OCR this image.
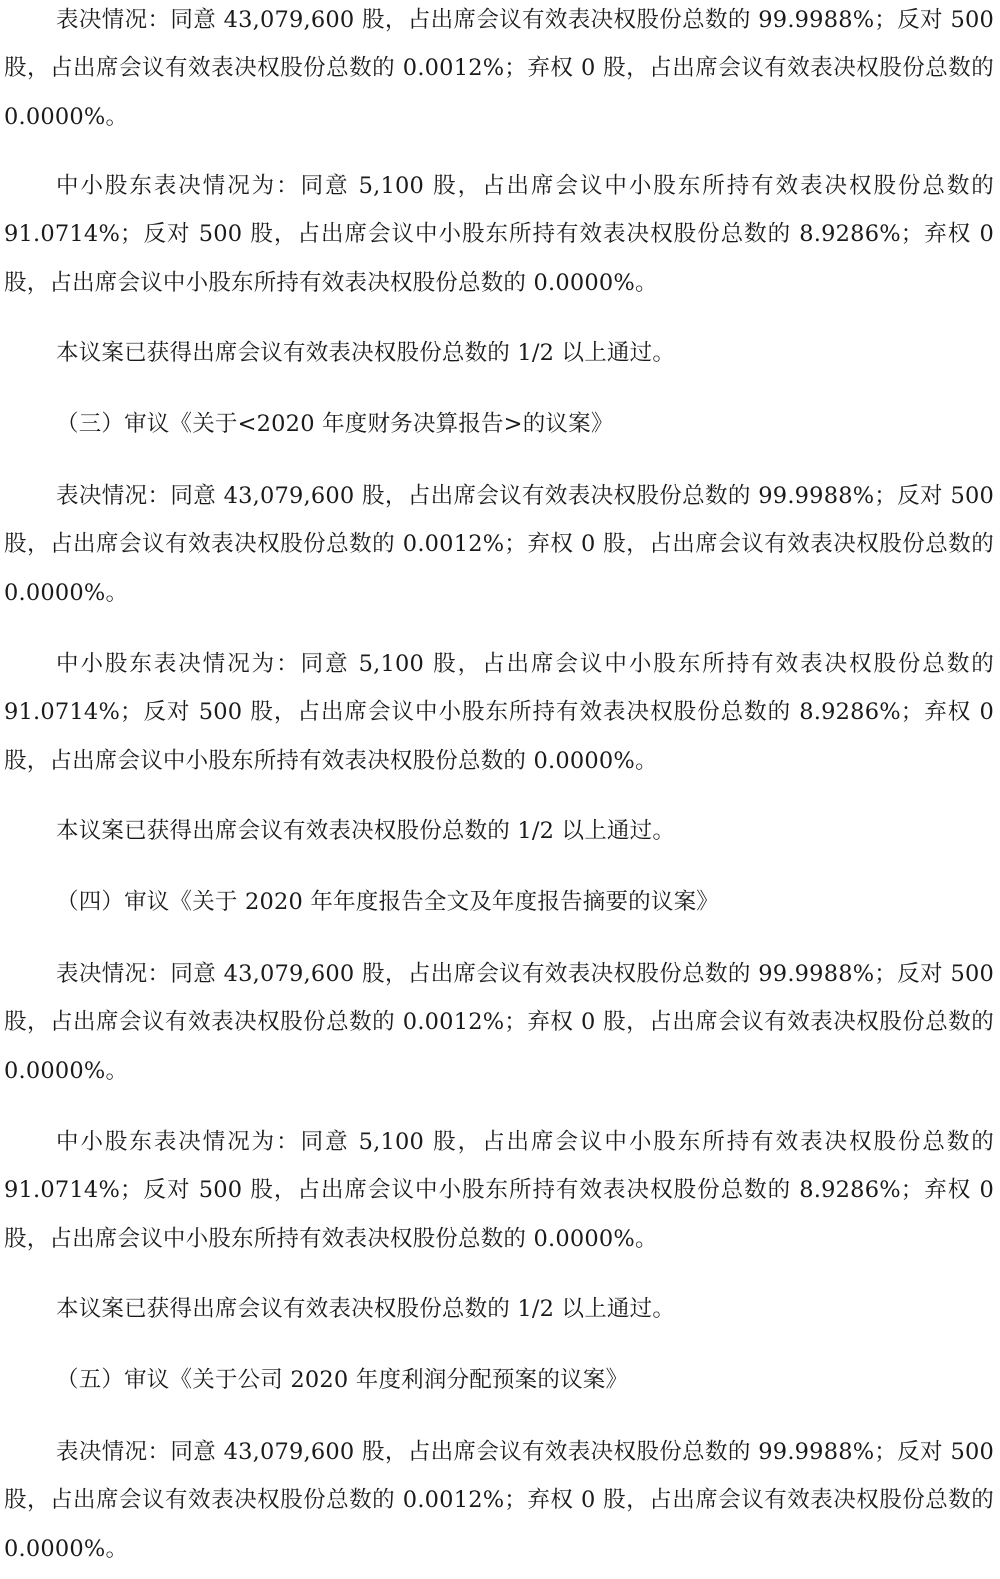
表决情况：同意 43,079,600 股，占出席会议有效表决权股份总数的 99.9988%；反对 500 股，占出席会议有效表决权股份总数的 0.0012%；弃权 0 股，占出席会议有效表决权股份总数的 0.0000%。

中小股东表决情况为：同意 5,100 股，占出席会议中小股东所持有效表决权股份总数的 91.0714%；反对 500 股，占出席会议中小股东所持有效表决权股份总数的 8.9286%；弃权 0 股，占出席会议中小股东所持有效表决权股份总数的 0.0000%。

本议案已获得出席会议有效表决权股份总数的 1/2 以上通过。

（三）审议《关于<2020 年度财务决算报告>的议案》

表决情况：同意 43,079,600 股，占出席会议有效表决权股份总数的 99.9988%；反对 500 股，占出席会议有效表决权股份总数的 0.0012%；弃权 0 股，占出席会议有效表决权股份总数的 0.0000%。

中小股东表决情况为：同意 5,100 股，占出席会议中小股东所持有效表决权股份总数的 91.0714%；反对 500 股，占出席会议中小股东所持有效表决权股份总数的 8.9286%；弃权 0 股，占出席会议中小股东所持有效表决权股份总数的 0.0000%。

本议案已获得出席会议有效表决权股份总数的 1/2 以上通过。

（四）审议《关于 2020 年年度报告全文及年度报告摘要的议案》

表决情况：同意 43,079,600 股，占出席会议有效表决权股份总数的 99.9988%；反对 500 股，占出席会议有效表决权股份总数的 0.0012%；弃权 0 股，占出席会议有效表决权股份总数的 0.0000%。

中小股东表决情况为：同意 5,100 股，占出席会议中小股东所持有效表决权股份总数的 91.0714%；反对 500 股，占出席会议中小股东所持有效表决权股份总数的 8.9286%；弃权 0 股，占出席会议中小股东所持有效表决权股份总数的 0.0000%。

本议案已获得出席会议有效表决权股份总数的 1/2 以上通过。

（五）审议《关于公司 2020 年度利润分配预案的议案》

表决情况：同意 43,079,600 股，占出席会议有效表决权股份总数的 99.9988%；反对 500 股，占出席会议有效表决权股份总数的 0.0012%；弃权 0 股，占出席会议有效表决权股份总数的 0.0000%。
